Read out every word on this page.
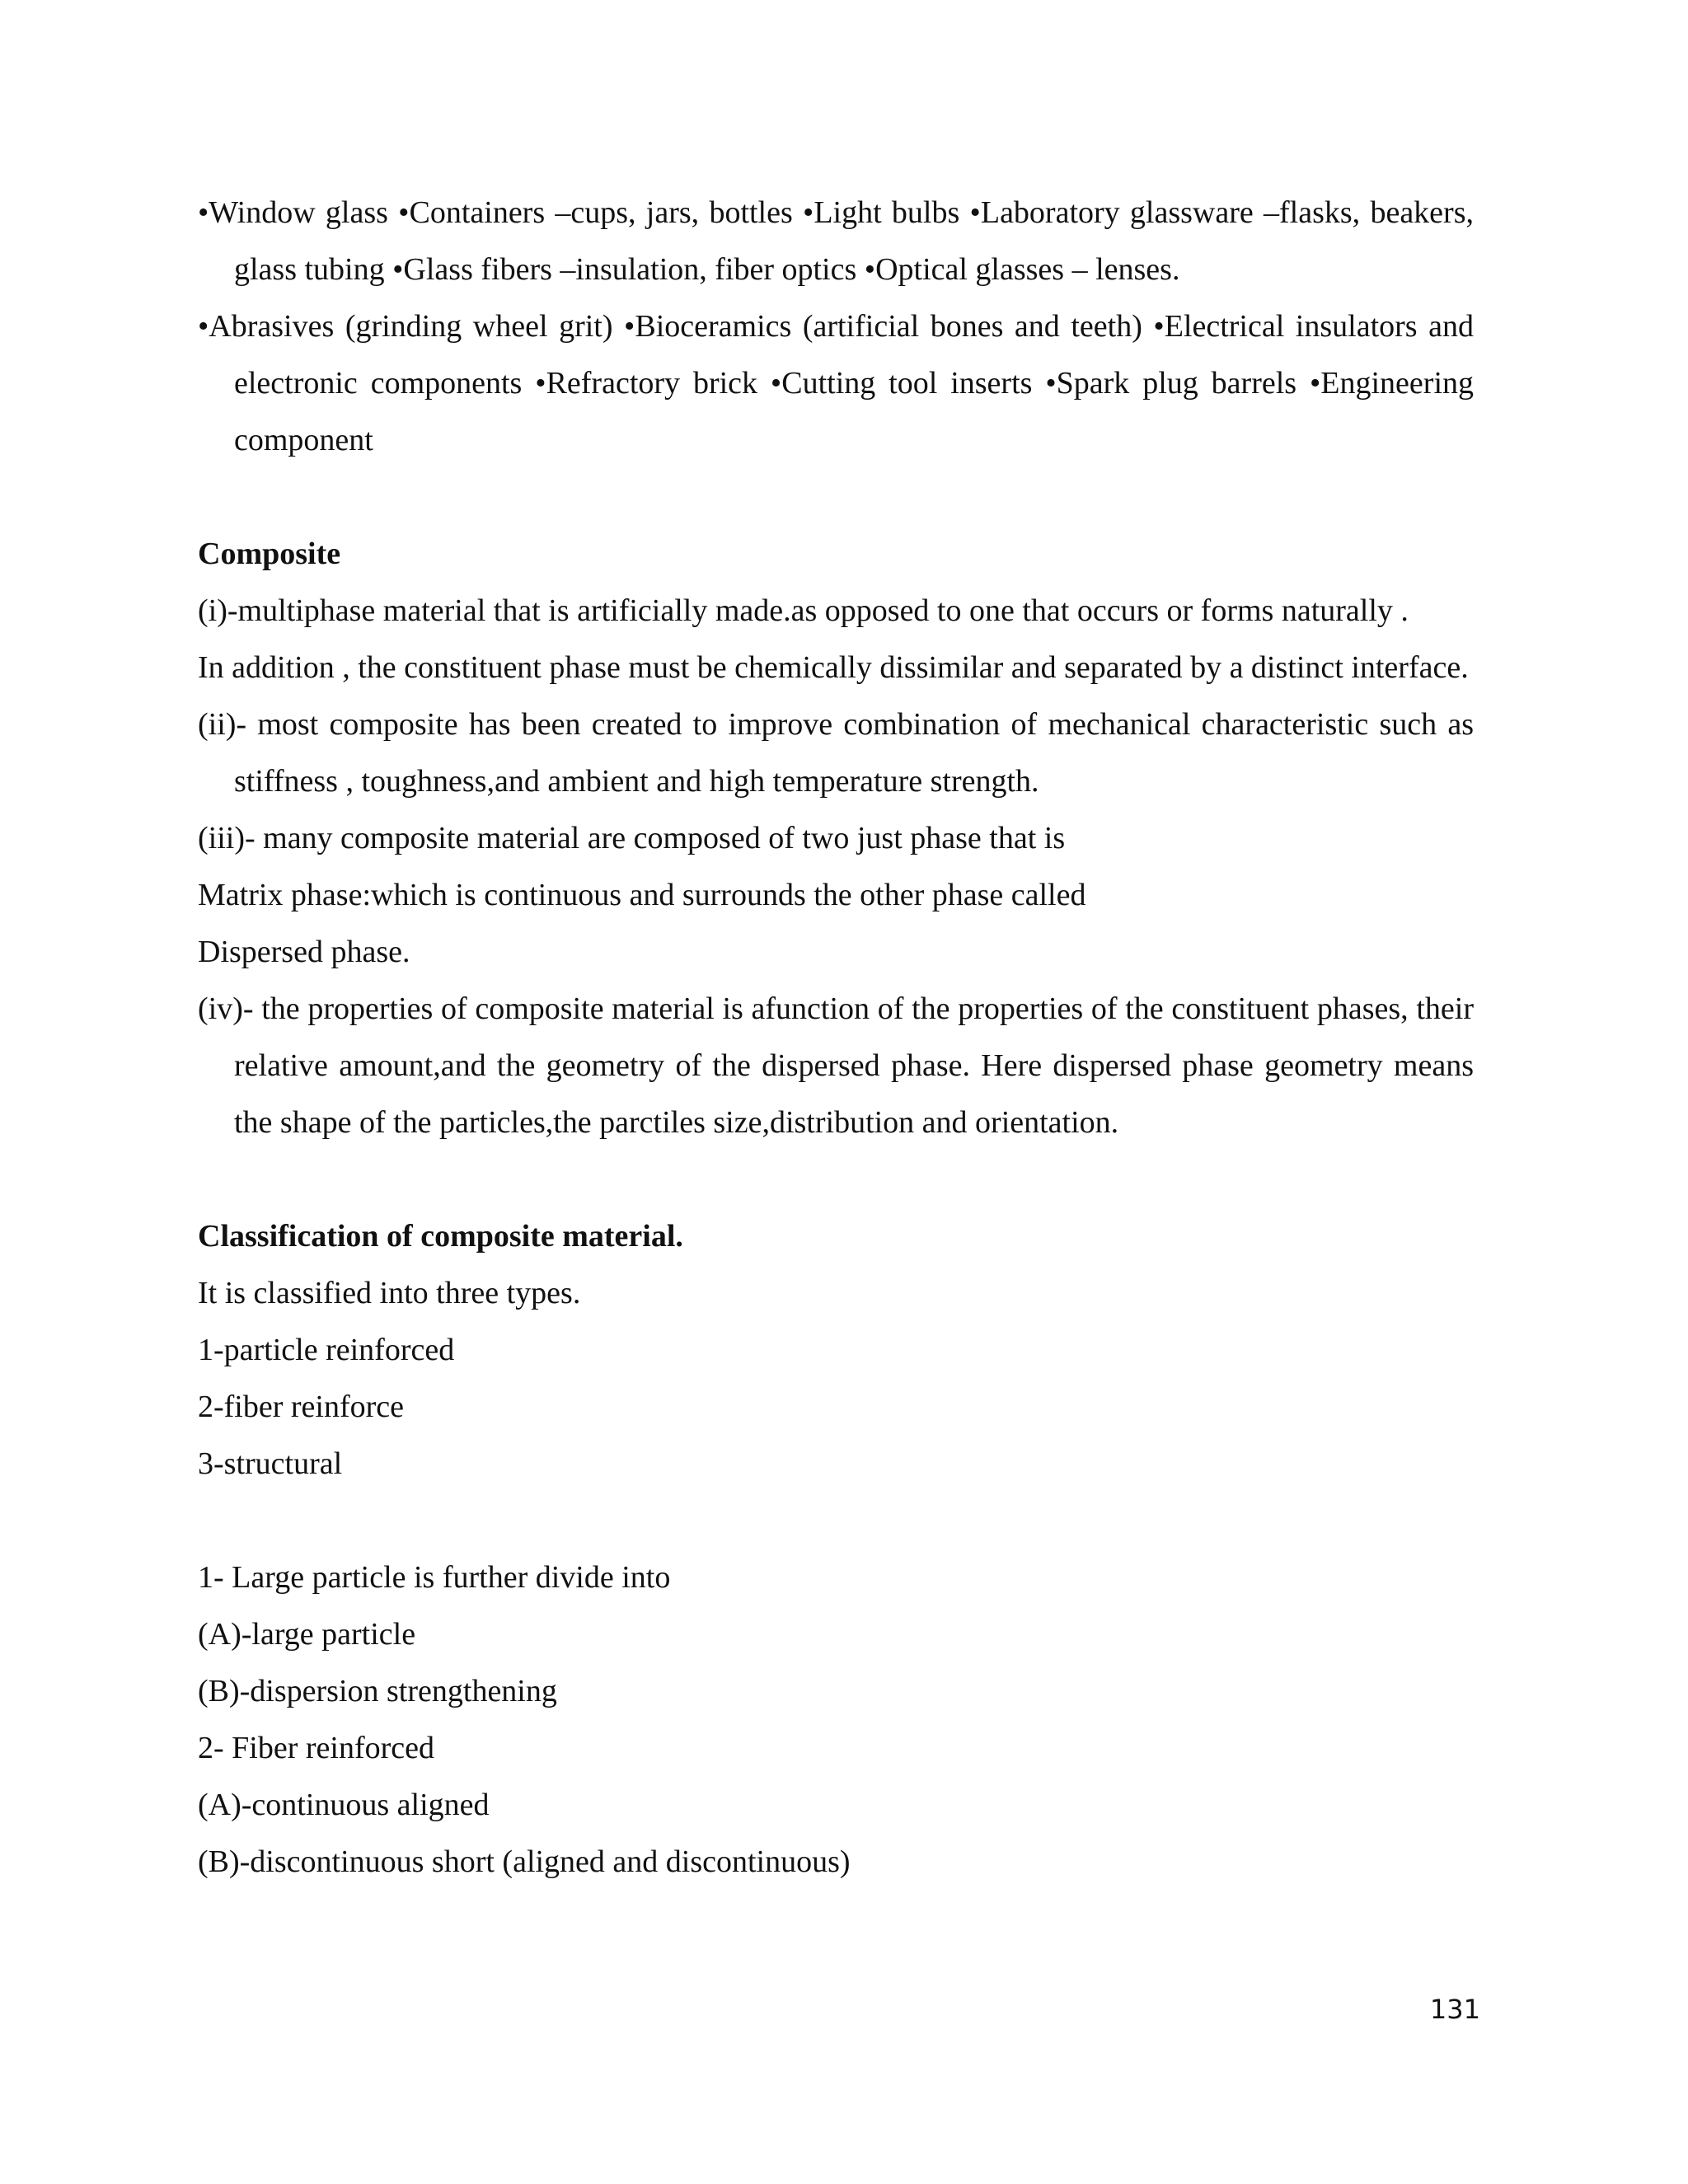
•Window glass •Containers –cups, jars, bottles •Light bulbs •Laboratory glassware –flasks, beakers, glass tubing •Glass fibers –insulation, fiber optics •Optical glasses – lenses.

•Abrasives (grinding wheel grit) •Bioceramics (artificial bones and teeth) •Electrical insulators and electronic components •Refractory brick •Cutting tool inserts •Spark plug barrels •Engineering component

Composite

(i)-multiphase material that is artificially made.as opposed to one that occurs or forms naturally .

In addition , the constituent phase must be chemically dissimilar and separated by a distinct interface.

(ii)- most composite has been created to improve combination of mechanical characteristic such as stiffness , toughness,and ambient and high temperature strength.

(iii)- many composite material are composed of two just phase that is

Matrix phase:which is continuous and surrounds the other phase called

Dispersed phase.

(iv)- the properties of composite material is afunction of the properties of the constituent phases, their relative amount,and the geometry of the dispersed phase. Here dispersed phase geometry means the shape of the particles,the parctiles size,distribution and orientation.

Classification of composite material.

It is classified into three types.

1-particle reinforced

2-fiber reinforce

3-structural

1- Large particle is further divide into

(A)-large particle

(B)-dispersion strengthening

2- Fiber reinforced

(A)-continuous aligned

(B)-discontinuous short (aligned and discontinuous)

131
